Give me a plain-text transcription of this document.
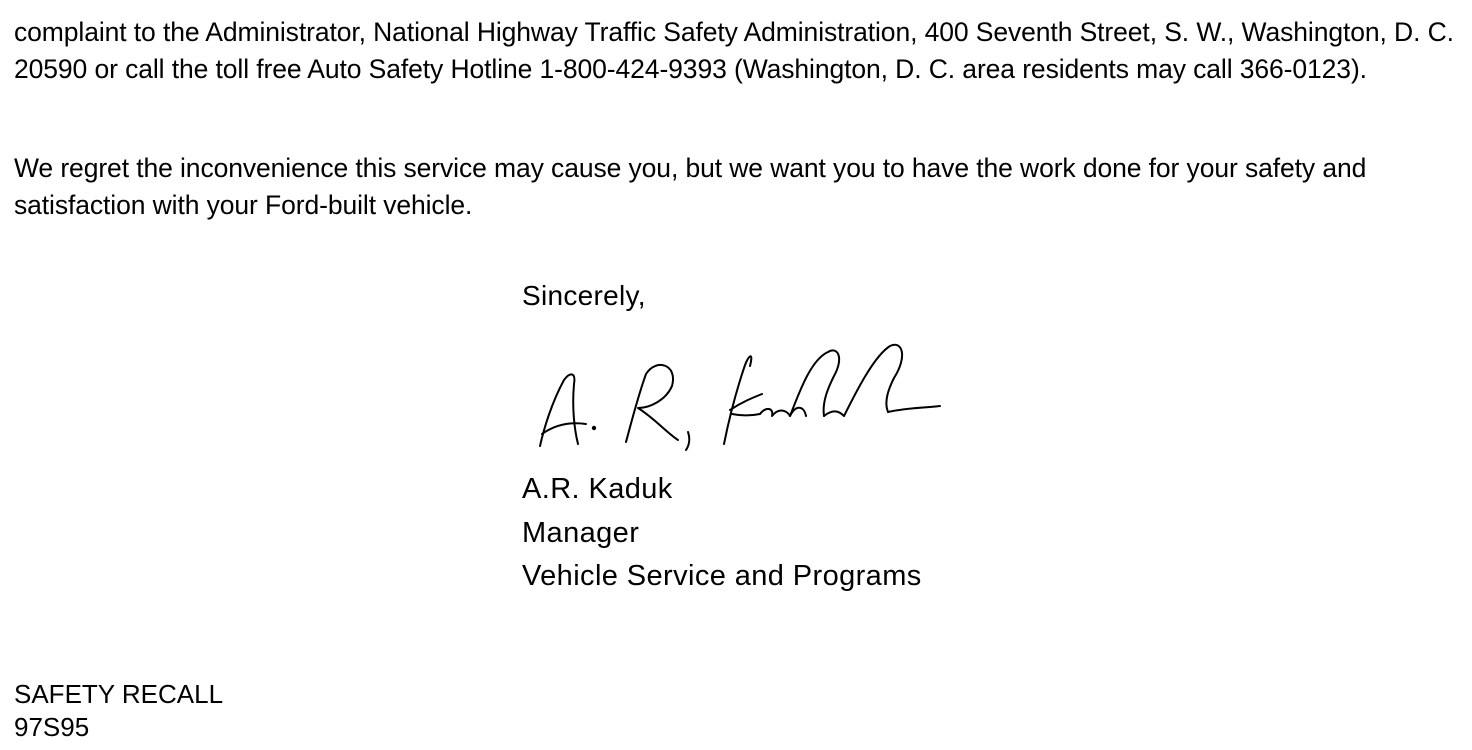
complaint to the Administrator, National Highway Traffic Safety Administration, 400 Seventh Street, S. W., Washington, D. C. 20590 or call the toll free Auto Safety Hotline 1-800-424-9393 (Washington, D. C. area residents may call 366-0123).

We regret the inconvenience this service may cause you, but we want you to have the work done for your safety and satisfaction with your Ford-built vehicle.

Sincerely,
A.R. Kaduk
Manager
Vehicle Service and Programs
SAFETY RECALL
97S95
